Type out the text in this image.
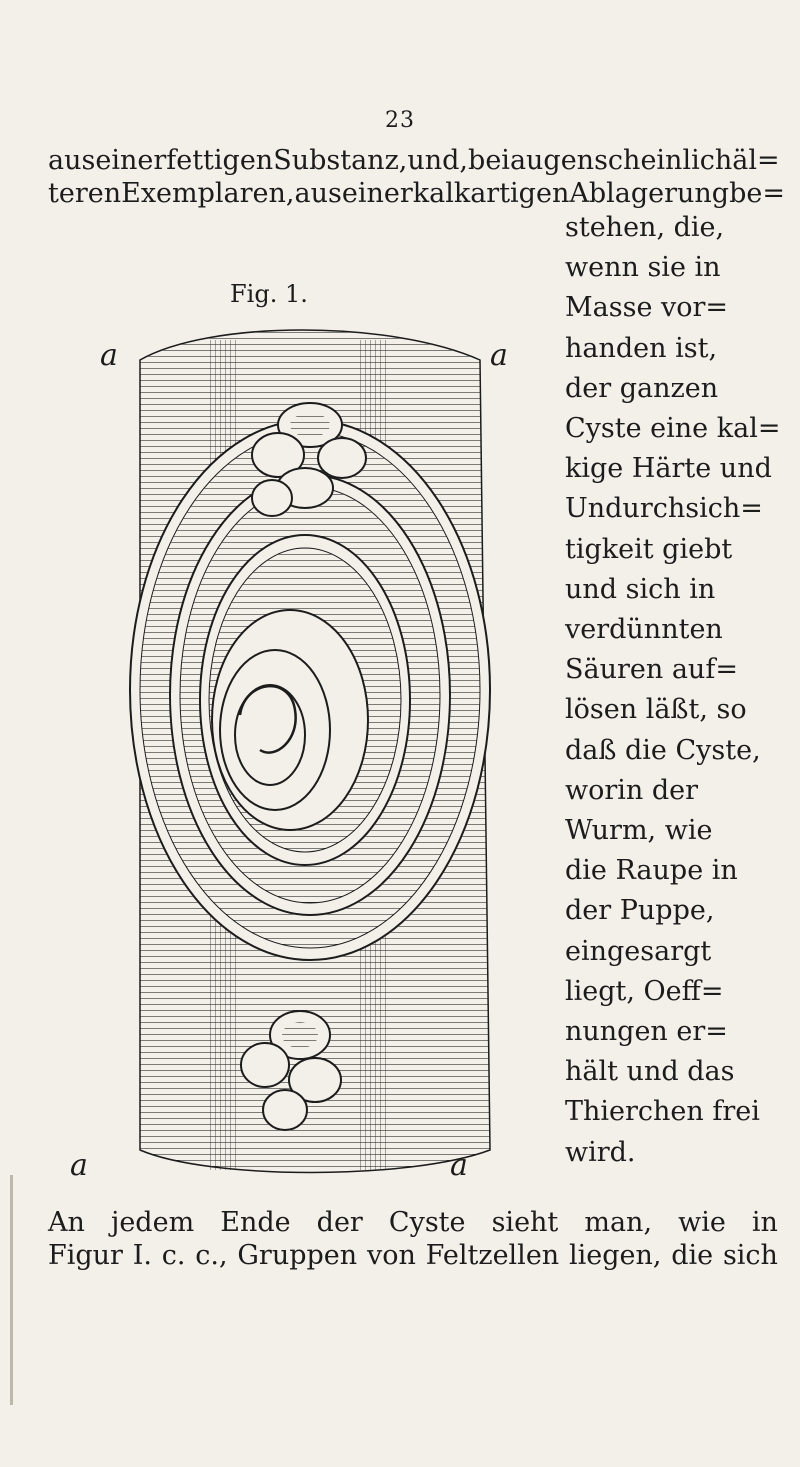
23
aus einer fettigen Substanz, und, bei augenscheinlich äl=
teren Exemplaren, aus einer kalkartigen Ablagerung be=
Fig. 1.
a	a
a	a
stehen, die,
wenn sie in
Masse vor=
handen ist,
der ganzen
Cyste eine kal=
kige Härte und
Undurchsich=
tigkeit giebt
und sich in
verdünnten
Säuren auf=
lösen läßt, so
daß die Cyste,
worin der
Wurm, wie
die Raupe in
der Puppe,
eingesargt
liegt, Oeff=
nungen er=
hält und das
Thierchen frei
wird.
An jedem Ende der Cyste sieht man, wie in
Figur I. c. c., Gruppen von Feltzellen liegen, die sich
